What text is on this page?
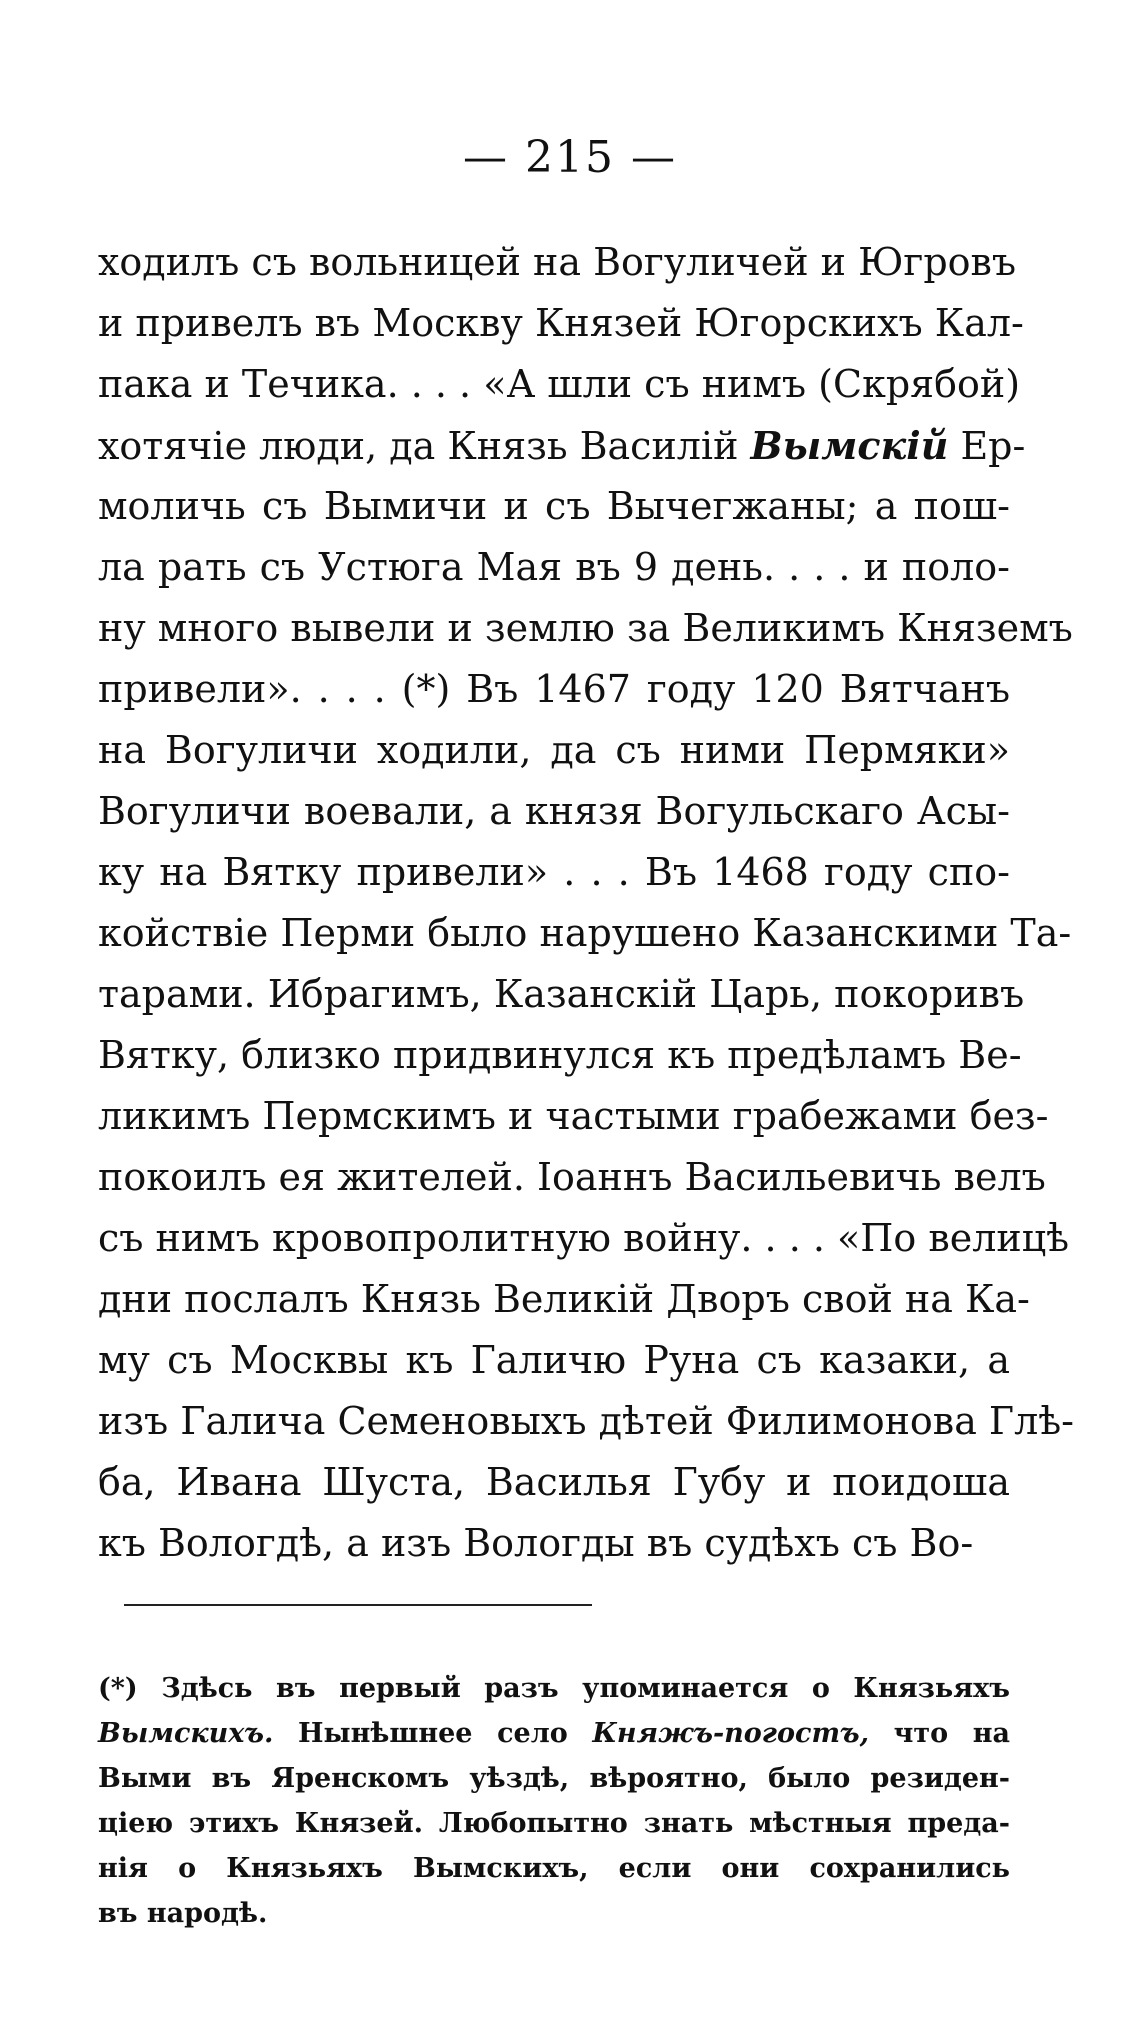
— 215 —
ходилъ съ вольницей на Вогуличей и Югровъ
и привелъ въ Москву Князей Югорскихъ Кал-
пака и Течика. . . . «А шли съ нимъ (Скрябой)
хотячіе люди, да Князь Василій Вымскій Ер-
моличь съ Вымичи и съ Вычегжаны; а пош-
ла рать съ Устюга Мая въ 9 день. . . . и поло-
ну много вывели и землю за Великимъ Княземъ
привели». . . . (*) Въ 1467 году 120 Вятчанъ
на Вогуличи ходили, да съ ними Пермяки»
Вогуличи воевали, а князя Вогульскаго Асы-
ку на Вятку привели» . . . Въ 1468 году спо-
койствіе Перми было нарушено Казанскими Та-
тарами. Ибрагимъ, Казанскій Царь, покоривъ
Вятку, близко придвинулся къ предѣламъ Ве-
ликимъ Пермскимъ и частыми грабежами без-
покоилъ ея жителей. Іоаннъ Васильевичь велъ
съ нимъ кровопролитную войну. . . . «По велицѣ
дни послалъ Князь Великій Дворъ свой на Ка-
му съ Москвы къ Галичю Руна съ казаки, а
изъ Галича Семеновыхъ дѣтей Филимонова Глѣ-
ба, Ивана Шуста, Василья Губу и поидоша
къ Вологдѣ, а изъ Вологды въ судѣхъ съ Во-
(*) Здѣсь въ первый разъ упоминается о Князьяхъ
Вымскихъ. Нынѣшнее село Княжъ-погостъ, что на
Выми въ Яренскомъ уѣздѣ, вѣроятно, было резиден-
ціею этихъ Князей. Любопытно знать мѣстныя преда-
нія о Князьяхъ Вымскихъ, если они сохранились
въ народѣ.
